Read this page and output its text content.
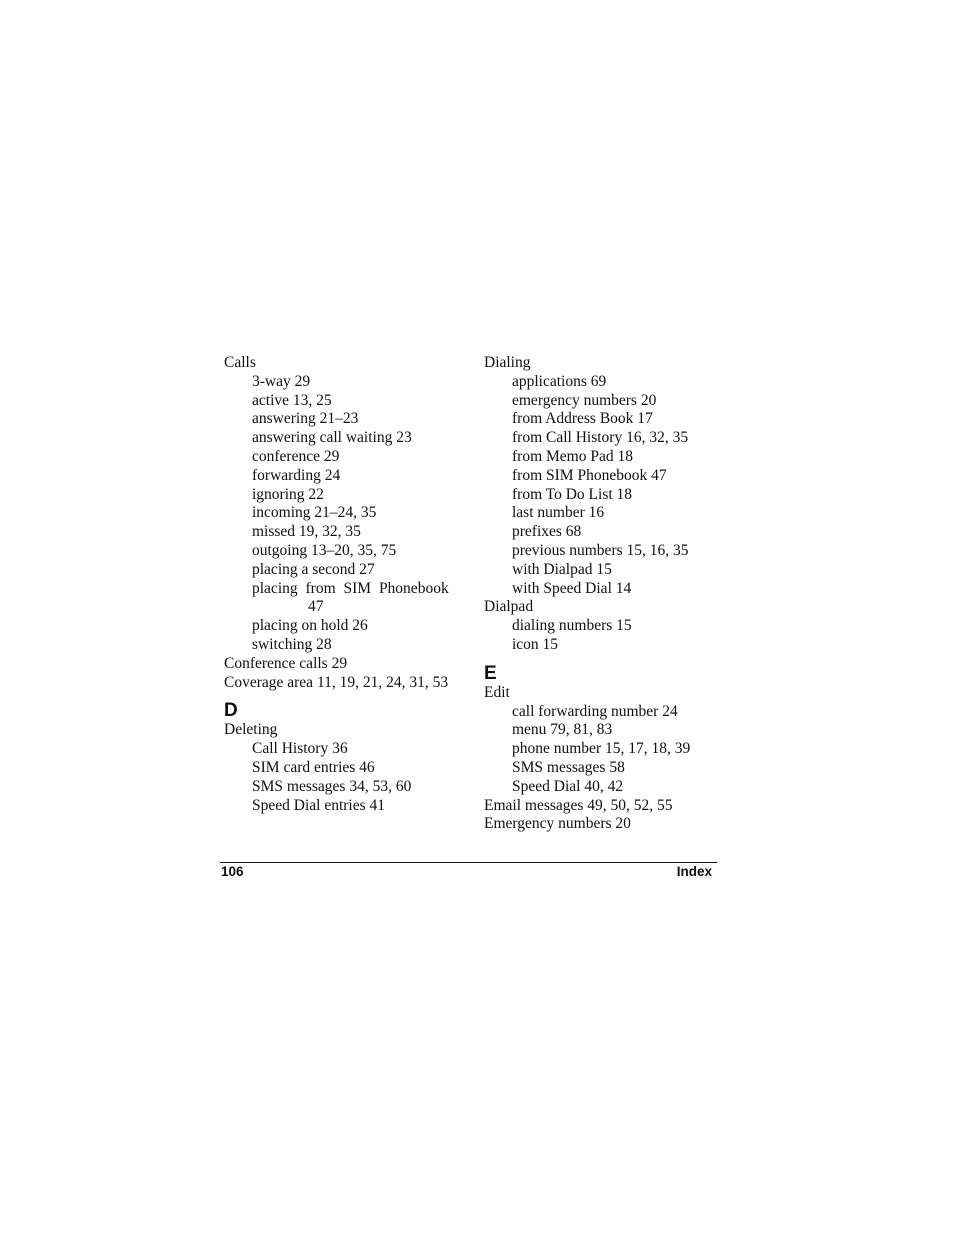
Calls
3-way 29
active 13, 25
answering 21–23
answering call waiting 23
conference 29
forwarding 24
ignoring 22
incoming 21–24, 35
missed 19, 32, 35
outgoing 13–20, 35, 75
placing a second 27
placing from SIM Phonebook
47
placing on hold 26
switching 28
Conference calls 29
Coverage area 11, 19, 21, 24, 31, 53
D
Deleting
Call History 36
SIM card entries 46
SMS messages 34, 53, 60
Speed Dial entries 41
Dialing
applications 69
emergency numbers 20
from Address Book 17
from Call History 16, 32, 35
from Memo Pad 18
from SIM Phonebook 47
from To Do List 18
last number 16
prefixes 68
previous numbers 15, 16, 35
with Dialpad 15
with Speed Dial 14
Dialpad
dialing numbers 15
icon 15
E
Edit
call forwarding number 24
menu 79, 81, 83
phone number 15, 17, 18, 39
SMS messages 58
Speed Dial 40, 42
Email messages 49, 50, 52, 55
Emergency numbers 20
106	Index
